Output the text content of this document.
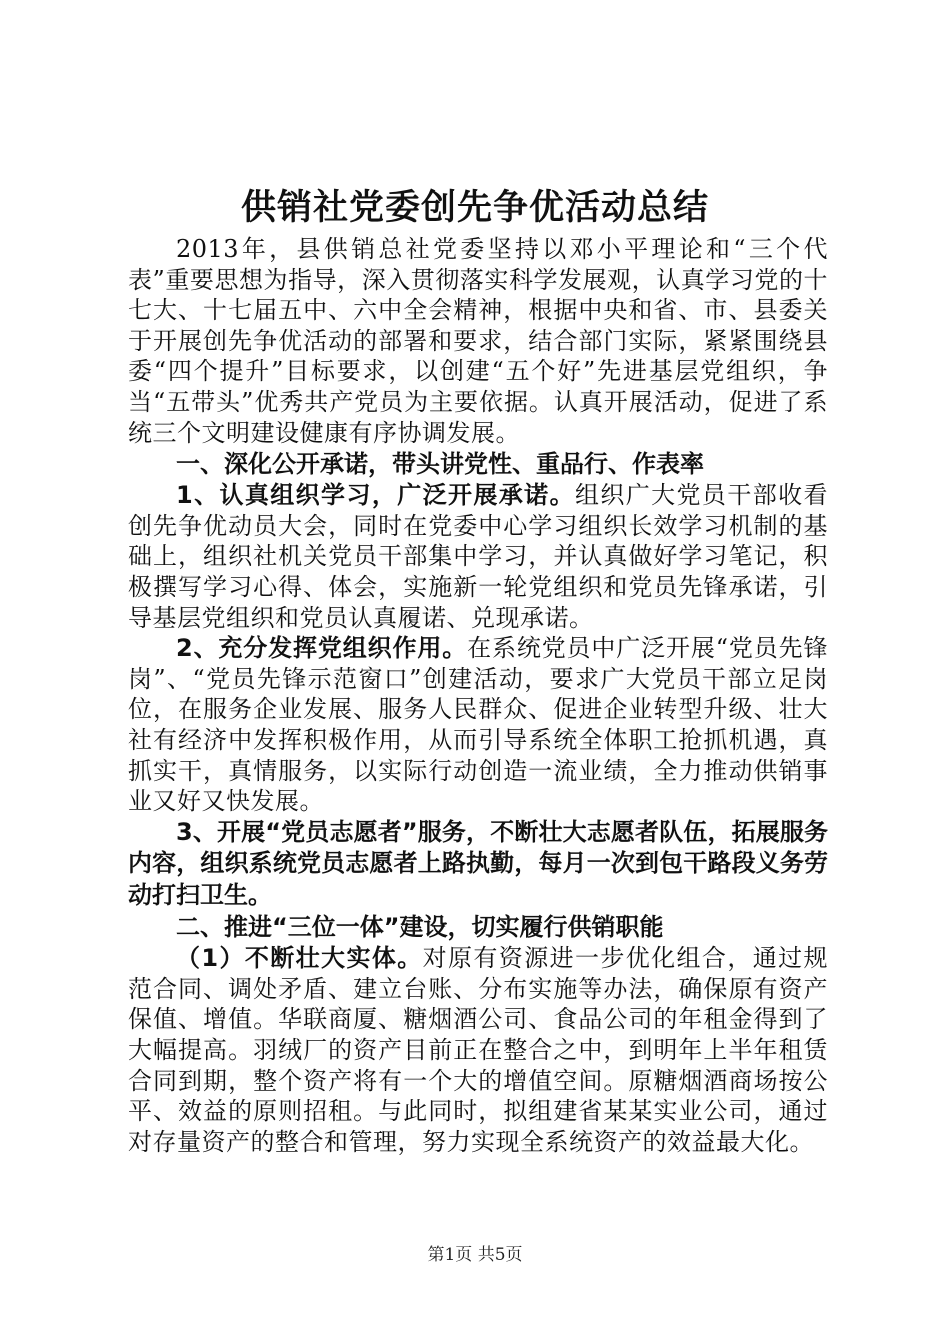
供销社党委创先争优活动总结

2013年，县供销总社党委坚持以邓小平理论和“三个代表”重要思想为指导，深入贯彻落实科学发展观，认真学习党的十七大、十七届五中、六中全会精神，根据中央和省、市、县委关于开展创先争优活动的部署和要求，结合部门实际，紧紧围绕县委“四个提升”目标要求，以创建“五个好”先进基层党组织，争当“五带头”优秀共产党员为主要依据。认真开展活动，促进了系统三个文明建设健康有序协调发展。

一、深化公开承诺，带头讲党性、重品行、作表率

1、认真组织学习，广泛开展承诺。组织广大党员干部收看创先争优动员大会，同时在党委中心学习组织长效学习机制的基础上，组织社机关党员干部集中学习，并认真做好学习笔记，积极撰写学习心得、体会，实施新一轮党组织和党员先锋承诺，引导基层党组织和党员认真履诺、兑现承诺。

2、充分发挥党组织作用。在系统党员中广泛开展“党员先锋岗”、“党员先锋示范窗口”创建活动，要求广大党员干部立足岗位，在服务企业发展、服务人民群众、促进企业转型升级、壮大社有经济中发挥积极作用，从而引导系统全体职工抢抓机遇，真抓实干，真情服务，以实际行动创造一流业绩，全力推动供销事业又好又快发展。

3、开展“党员志愿者”服务，不断壮大志愿者队伍，拓展服务内容，组织系统党员志愿者上路执勤，每月一次到包干路段义务劳动打扫卫生。

二、推进“三位一体”建设，切实履行供销职能

（1）不断壮大实体。对原有资源进一步优化组合，通过规范合同、调处矛盾、建立台账、分布实施等办法，确保原有资产保值、增值。华联商厦、糖烟酒公司、食品公司的年租金得到了大幅提高。羽绒厂的资产目前正在整合之中，到明年上半年租赁合同到期，整个资产将有一个大的增值空间。原糖烟酒商场按公平、效益的原则招租。与此同时，拟组建省某某实业公司，通过对存量资产的整合和管理，努力实现全系统资产的效益最大化。

第1页 共5页
